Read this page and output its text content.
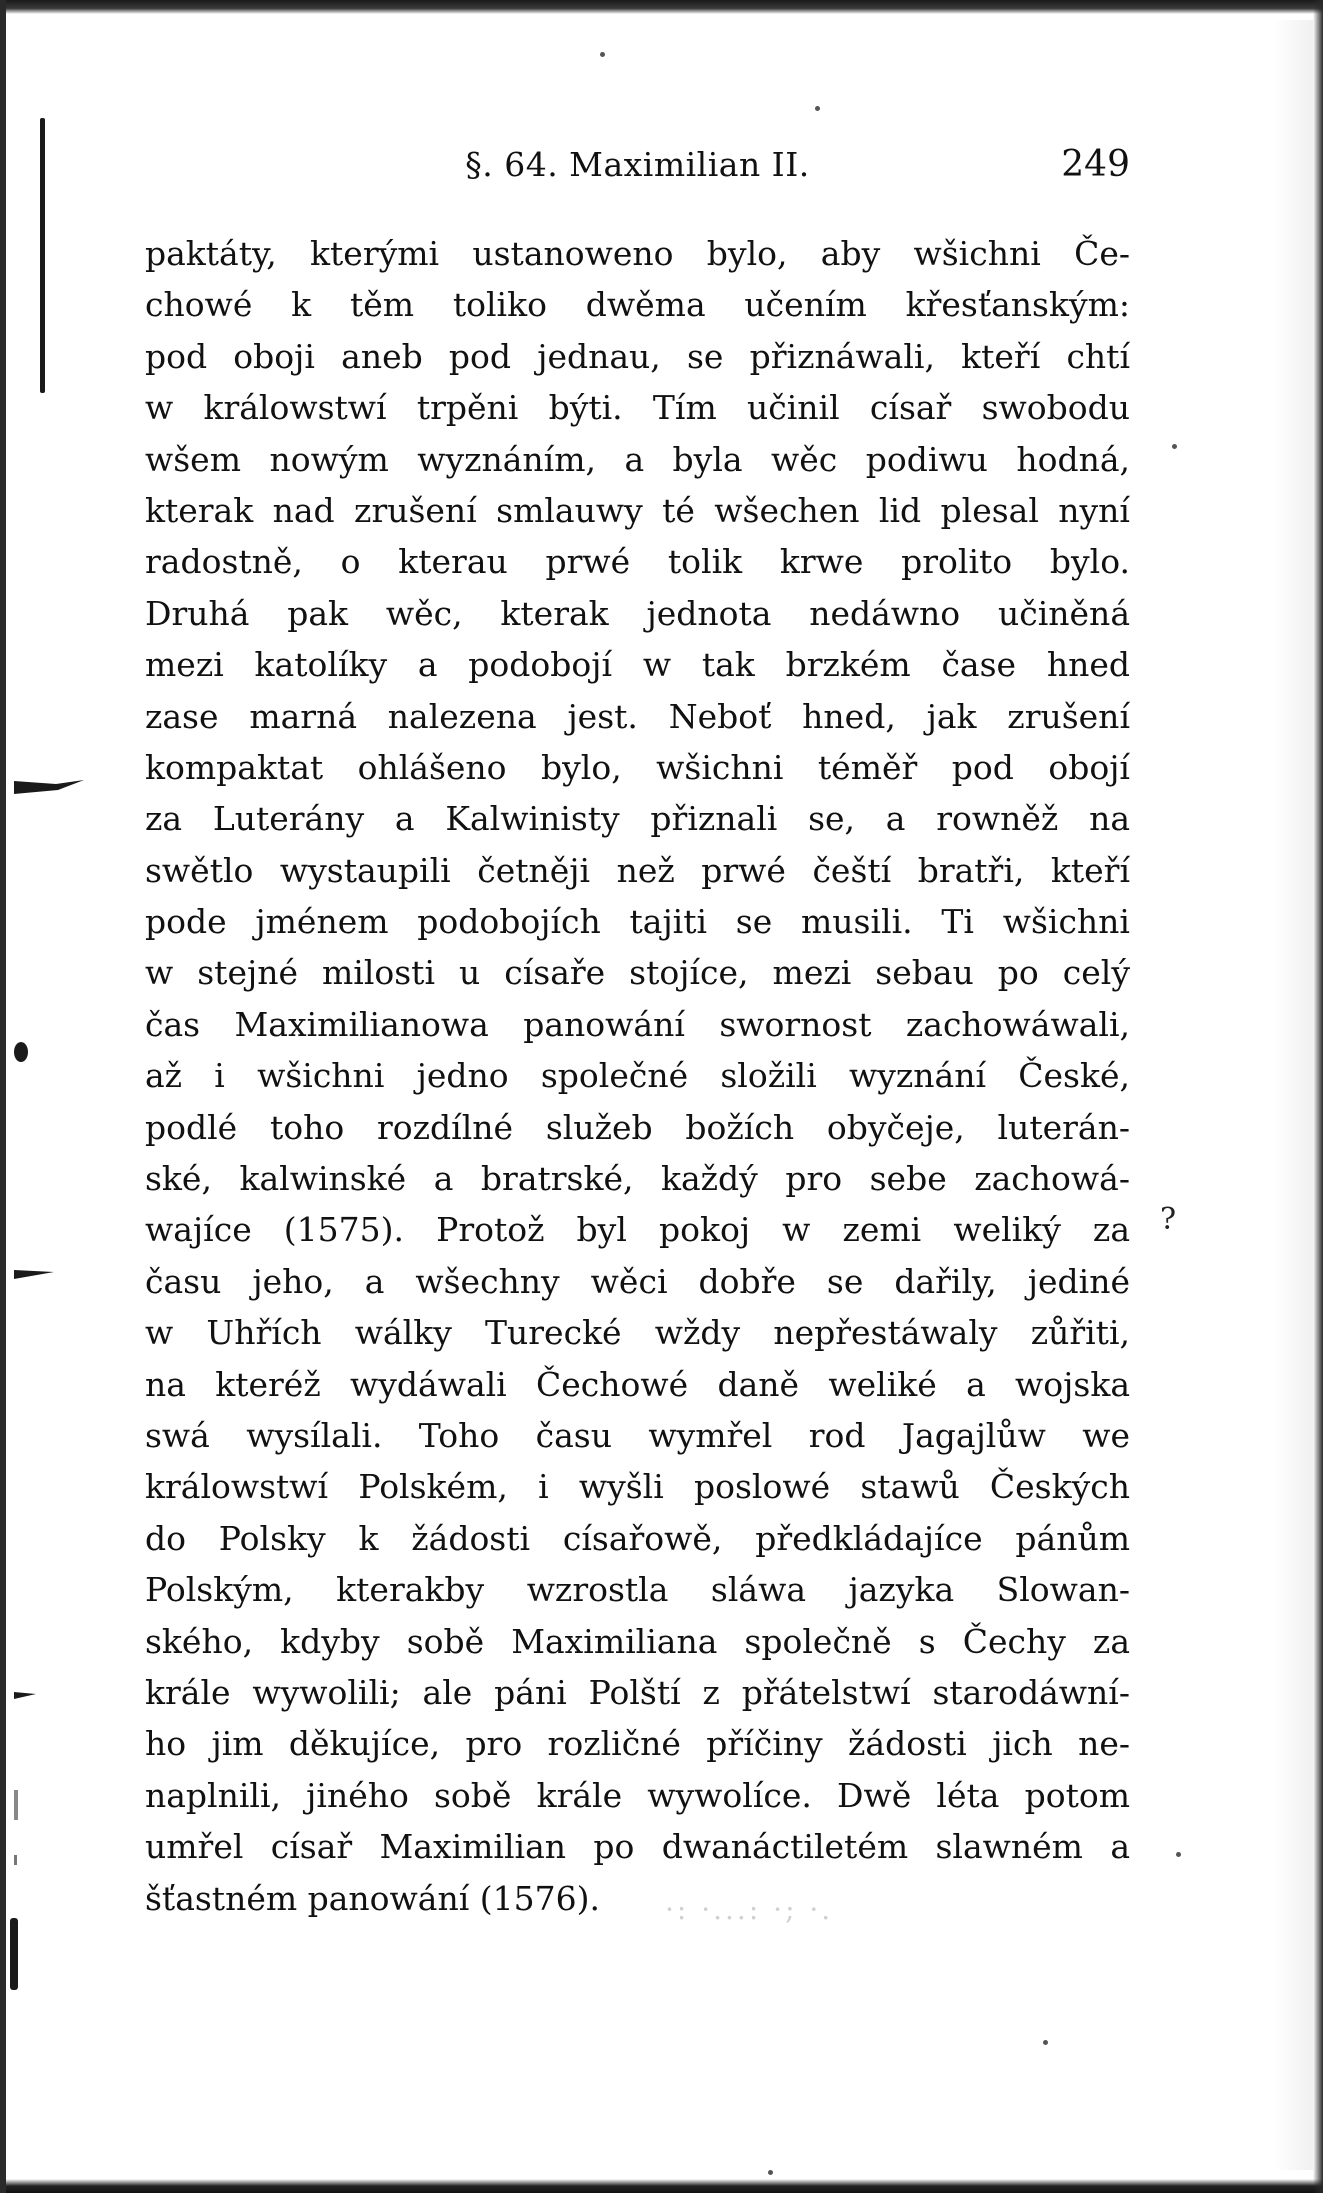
§. 64. Maximilian II.	249
paktáty, kterými ustanoweno bylo, aby wšichni Če-
chowé k těm toliko dwěma učením křesťanským:
pod oboji aneb pod jednau, se přiznáwali, kteří chtí
w králowstwí trpěni býti. Tím učinil císař swobodu
wšem nowým wyznáním, a byla wěc podiwu hodná,
kterak nad zrušení smlauwy té wšechen lid plesal nyní
radostně, o kterau prwé tolik krwe prolito bylo.
Druhá pak wěc, kterak jednota nedáwno učiněná
mezi katolíky a podobojí w tak brzkém čase hned
zase marná nalezena jest. Neboť hned, jak zrušení
kompaktat ohlášeno bylo, wšichni téměř pod obojí
za Luterány a Kalwinisty přiznali se, a rowněž na
swětlo wystaupili četněji než prwé čeští bratři, kteří
pode jménem podobojích tajiti se musili. Ti wšichni
w stejné milosti u císaře stojíce, mezi sebau po celý
čas Maximilianowa panowání swornost zachowáwali,
až i wšichni jedno společné složili wyznání České,
podlé toho rozdílné služeb božích obyčeje, luterán-
ské, kalwinské a bratrské, každý pro sebe zachowá-
wajíce (1575). Protož byl pokoj w zemi weliký za
času jeho, a wšechny wěci dobře se dařily, jediné
w Uhřích wálky Turecké wždy nepřestáwaly zůřiti,
na kteréž wydáwali Čechowé daně weliké a wojska
swá wysílali. Toho času wymřel rod Jagajlůw we
králowstwí Polském, i wyšli poslowé stawů Českých
do Polsky k žádosti císařowě, předkládajíce pánům
Polským, kterakby wzrostla sláwa jazyka Slowan-
ského, kdyby sobě Maximiliana společně s Čechy za
krále wywolili; ale páni Polští z přátelstwí starodáwní-
ho jim děkujíce, pro rozličné příčiny žádosti jich ne-
naplnili, jiného sobě krále wywolíce. Dwě léta potom
umřel císař Maximilian po dwanáctiletém slawném a
šťastném panowání (1576).
?
·: ·...: ·; ·.
